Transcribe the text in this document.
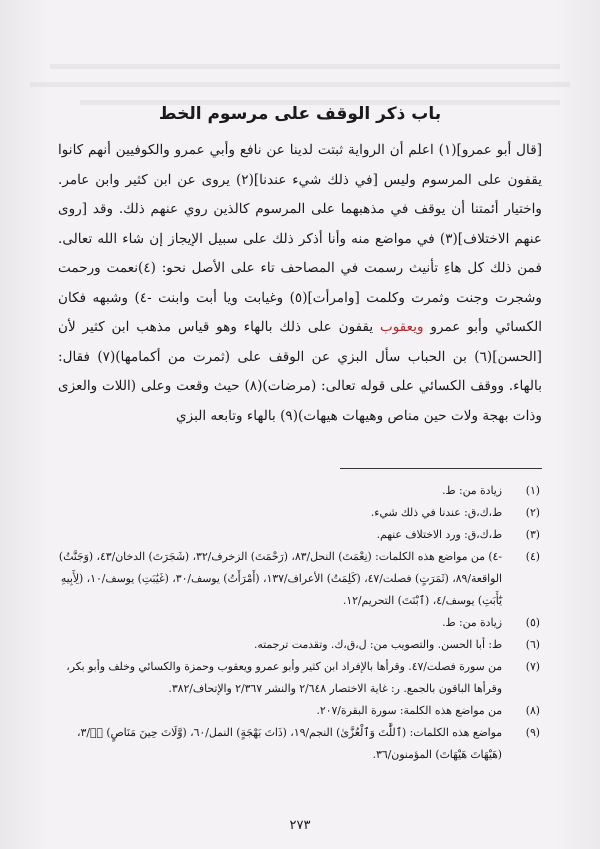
باب ذكر الوقف على مرسوم الخط

[قال أبو عمرو](١) اعلم أن الرواية ثبتت لدينا عن نافع وأبي عمرو والكوفيين أنهم كانوا يقفون على المرسوم وليس [في ذلك شيء عندنا](٢) يروى عن ابن كثير وابن عامر. واختيار أئمتنا أن يوقف في مذهبهما على المرسوم كالذين روي عنهم ذلك. وقد [روى عنهم الاختلاف](٣) في مواضع منه وأنا أذكر ذلك على سبيل الإيجاز إن شاء الله تعالى. فمن ذلك كل هاءِ تأنيث رسمت في المصاحف تاء على الأصل نحو: (٤)نعمت ورحمت وشجرت وجنت وثمرت وكلمت [وامرأت](٥) وغيابت ويا أبت وابنت -٤) وشبهه فكان الكسائي وأبو عمرو ويعقوب يقفون على ذلك بالهاء وهو قياس مذهب ابن كثير لأن [الحسن](٦) بن الحباب سأل البزي عن الوقف على (ثمرت من أكمامها)(٧) فقال: بالهاء. ووقف الكسائي على قوله تعالى: (مرضات)(٨) حيث وقعت وعلى (اللات والعزى وذات بهجة ولات حين مناص وهيهات هيهات)(٩) بالهاء وتابعه البزي

(١)
زيادة من: ط.
(٢)
ط،ك،ق: عندنا في ذلك شيء.
(٣)
ط،ك،ق: ورد الاختلاف عنهم.
(٤)
-٤) من مواضع هذه الكلمات: (نِعْمَتَ) النحل/٨٣، (رَحْمَتَ) الزخرف/٣٢، (شَجَرَتَ) الدخان/٤٣، (وَجَنَّتُ) الواقعة/٨٩، (ثَمَرَتٍ) فصلت/٤٧، (كَلِمَتُ) الأعراف/١٣٧، (أَمْرَأَتُ) يوسف/٣٠، (غَيَٰبَتِ) يوسف/١٠، (لِأَبِيهِ يَٰٓأَبَتِ) يوسف/٤، (ٱبْنَتَ) التحريم/١٢.
(٥)
زيادة من: ط.
(٦)
ط: أبا الحسن. والتصويب من: ل،ق،ك. وتقدمت ترجمته.
(٧)
من سورة فصلت/٤٧. وقرأها بالإفراد ابن كثير وأبو عمرو ويعقوب وحمزة والكسائي وخلف وأبو بكر، وقرأها الباقون بالجمع. ر: غاية الاختصار ٢/٦٤٨ والنشر ٢/٣٦٧ والإتحاف/٣٨٢.
(٨)
من مواضع هذه الكلمة: سورة البقرة/٢٠٧.
(٩)
مواضع هذه الكلمات: (ٱللَّٰتَ وَٱلْعُزَّىٰ) النجم/١٩، (ذَاتَ بَهْجَةٍ) النمل/٦٠، (وَّلَاتَ حِينَ مَنَاصٍ) صۤ/٣، (هَيْهَاتَ هَيْهَاتَ) المؤمنون/٣٦.
٢٧٣
